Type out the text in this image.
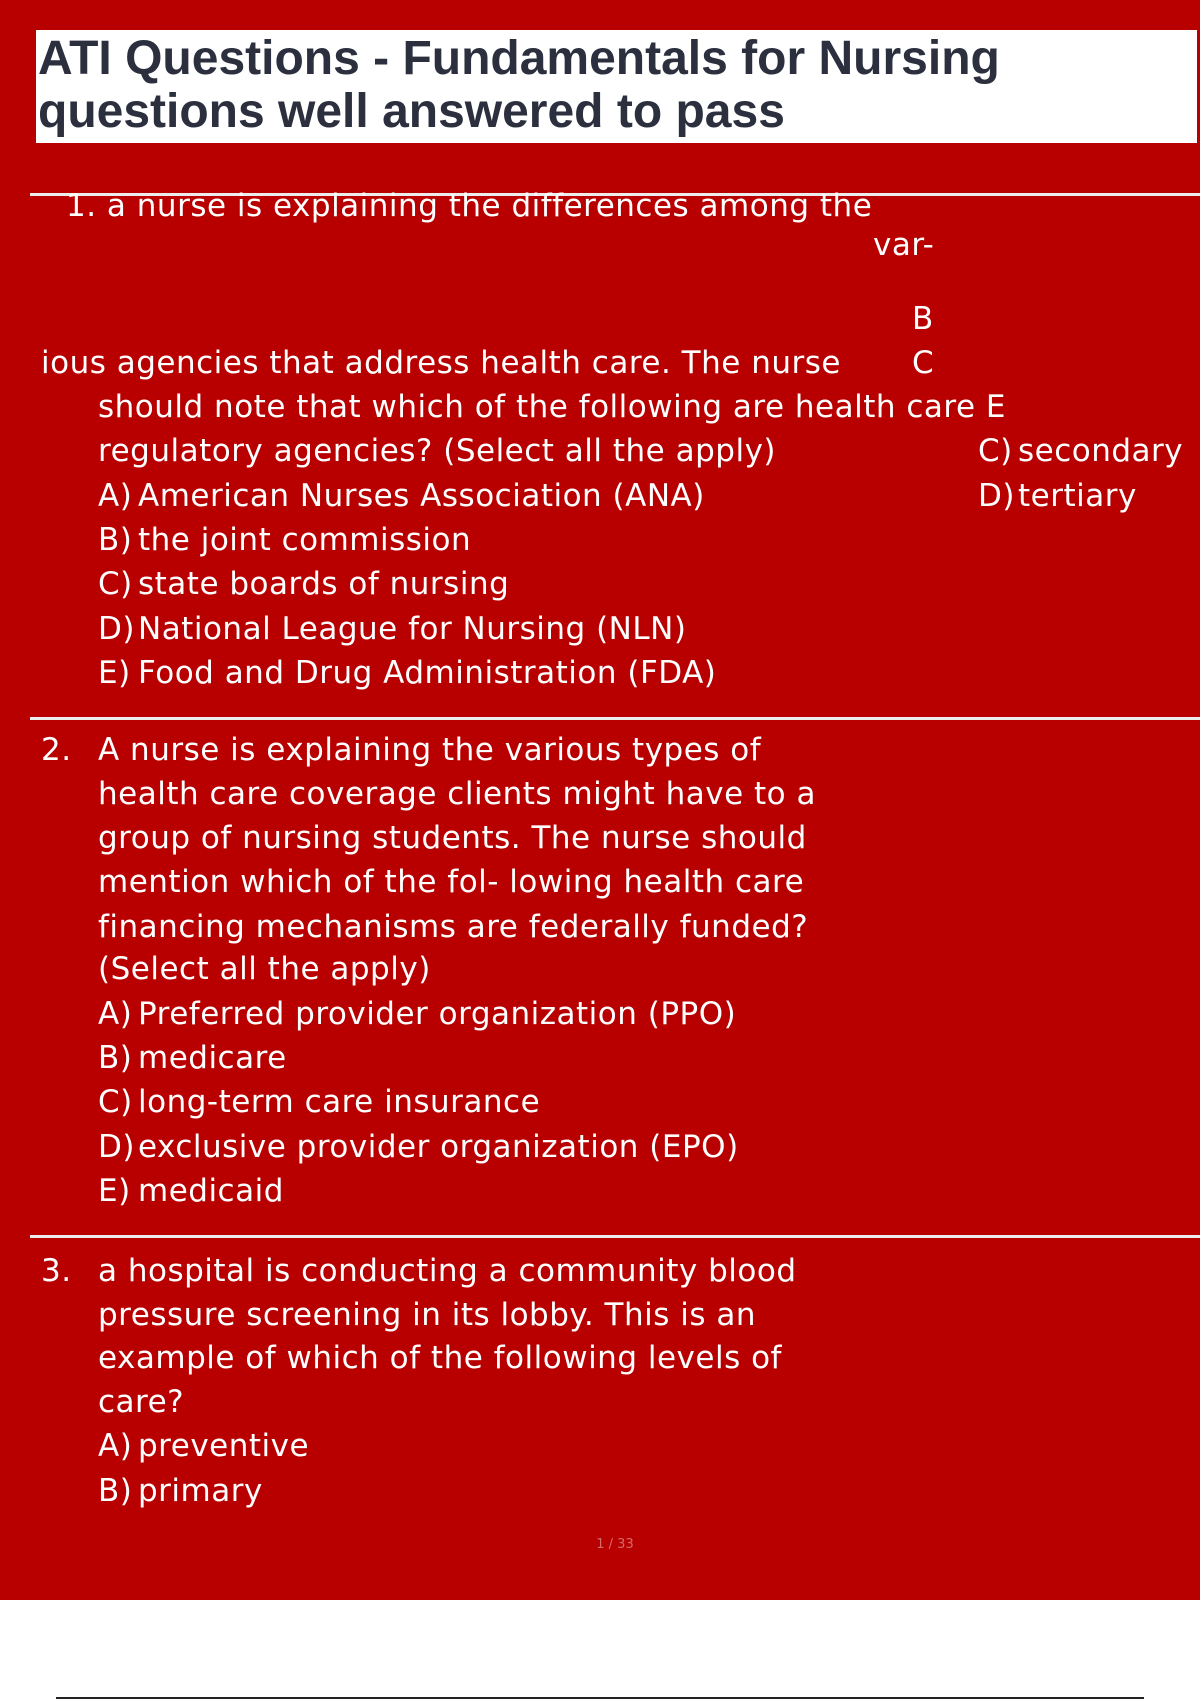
ATI Questions - Fundamentals for Nursing
questions well answered to pass
1. a nurse is explaining the differences among the
var-
B
ious agencies that address health care. The nurse C
should note that which of the following are health care E
regulatory agencies? (Select all the apply)
A) American Nurses Association (ANA)
B) the joint commission
C) state boards of nursing
D)National League for Nursing (NLN)
E) Food and Drug Administration (FDA)
C) secondary
D)tertiary
2. A nurse is explaining the various types of
health care coverage clients might have to a
group of nursing students. The nurse should
mention which of the fol- lowing health care
financing mechanisms are federally funded?
(Select all the apply)
A) Preferred provider organization (PPO)
B) medicare
C) long-term care insurance
D)exclusive provider organization (EPO)
E) medicaid
3. a hospital is conducting a community blood
pressure screening in its lobby. This is an
example of which of the following levels of
care?
A) preventive
B) primary
1 / 33
